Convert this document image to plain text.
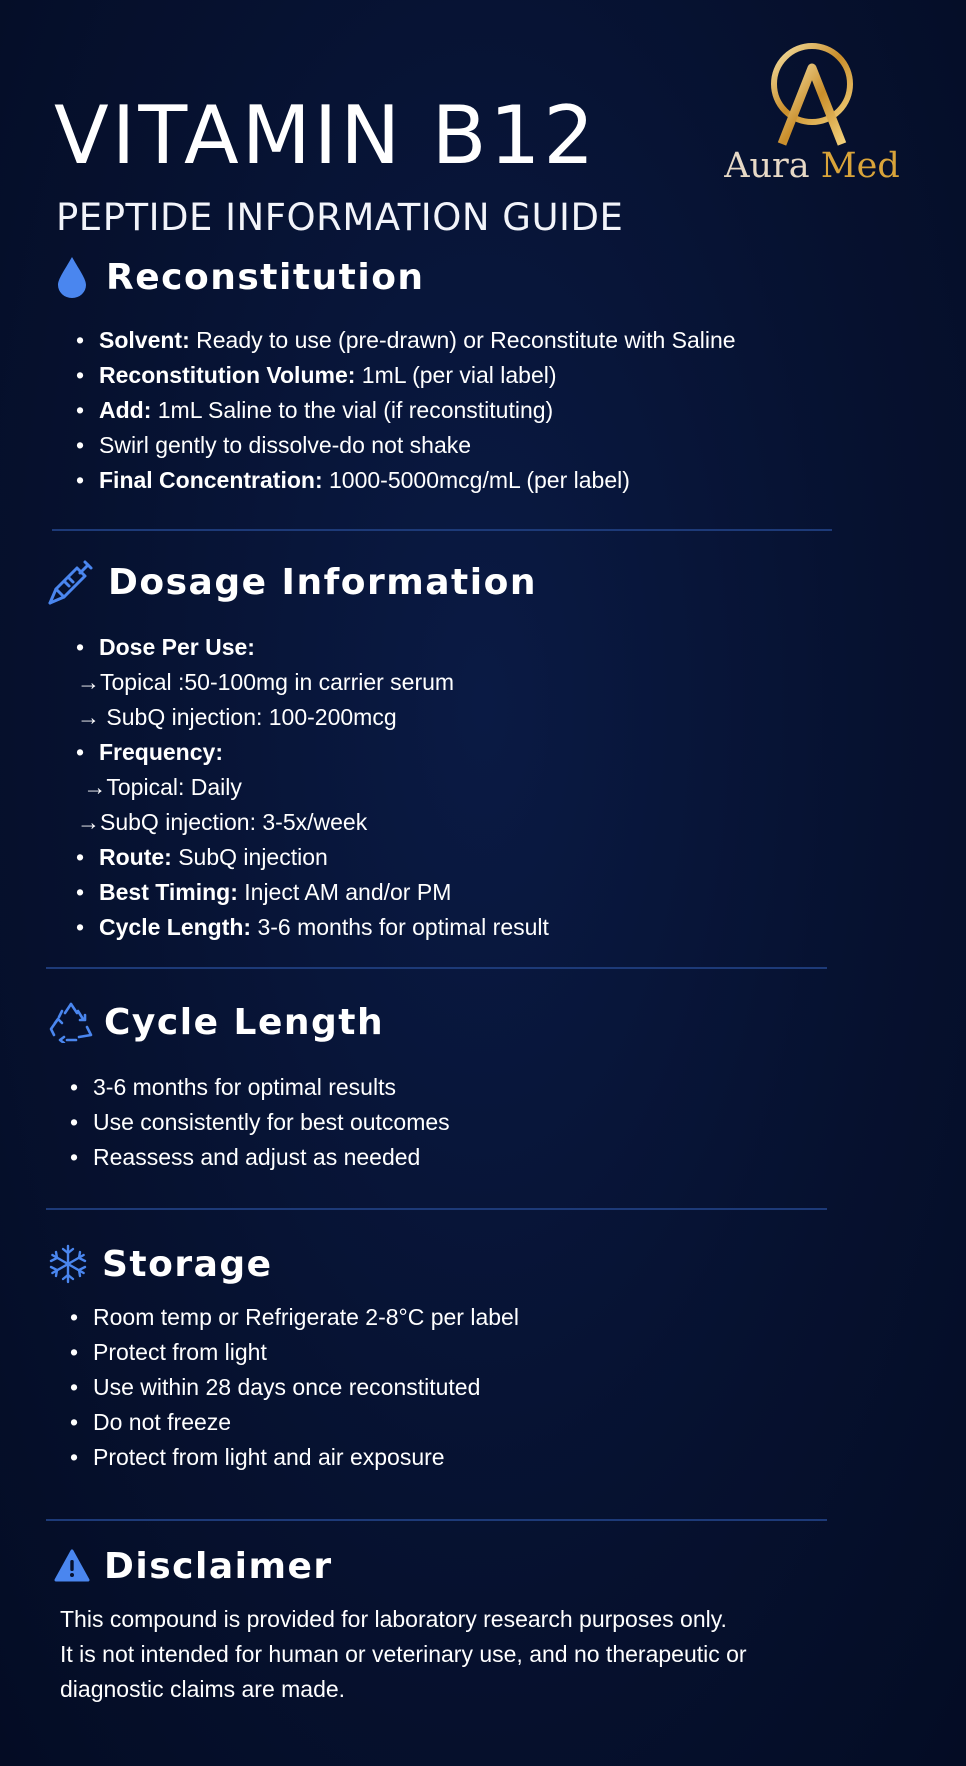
VITAMIN B12
PEPTIDE INFORMATION GUIDE
Aura Med
Reconstitution
• Solvent: Ready to use (pre-drawn) or Reconstitute with Saline
• Reconstitution Volume: 1mL (per vial label)
• Add: 1mL Saline to the vial (if reconstituting)
• Swirl gently to dissolve-do not shake
• Final Concentration: 1000-5000mcg/mL (per label)
Dosage Information
• Dose Per Use:
→Topical :50-100mg in carrier serum
→ SubQ injection: 100-200mcg
• Frequency:
→Topical: Daily
→SubQ injection: 3-5x/week
• Route: SubQ injection
• Best Timing: Inject AM and/or PM
• Cycle Length: 3-6 months for optimal result
Cycle Length
• 3-6 months for optimal results
• Use consistently for best outcomes
• Reassess and adjust as needed
Storage
• Room temp or Refrigerate 2-8°C per label
• Protect from light
• Use within 28 days once reconstituted
• Do not freeze
• Protect from light and air exposure
Disclaimer
This compound is provided for laboratory research purposes only.
It is not intended for human or veterinary use, and no therapeutic or
diagnostic claims are made.
